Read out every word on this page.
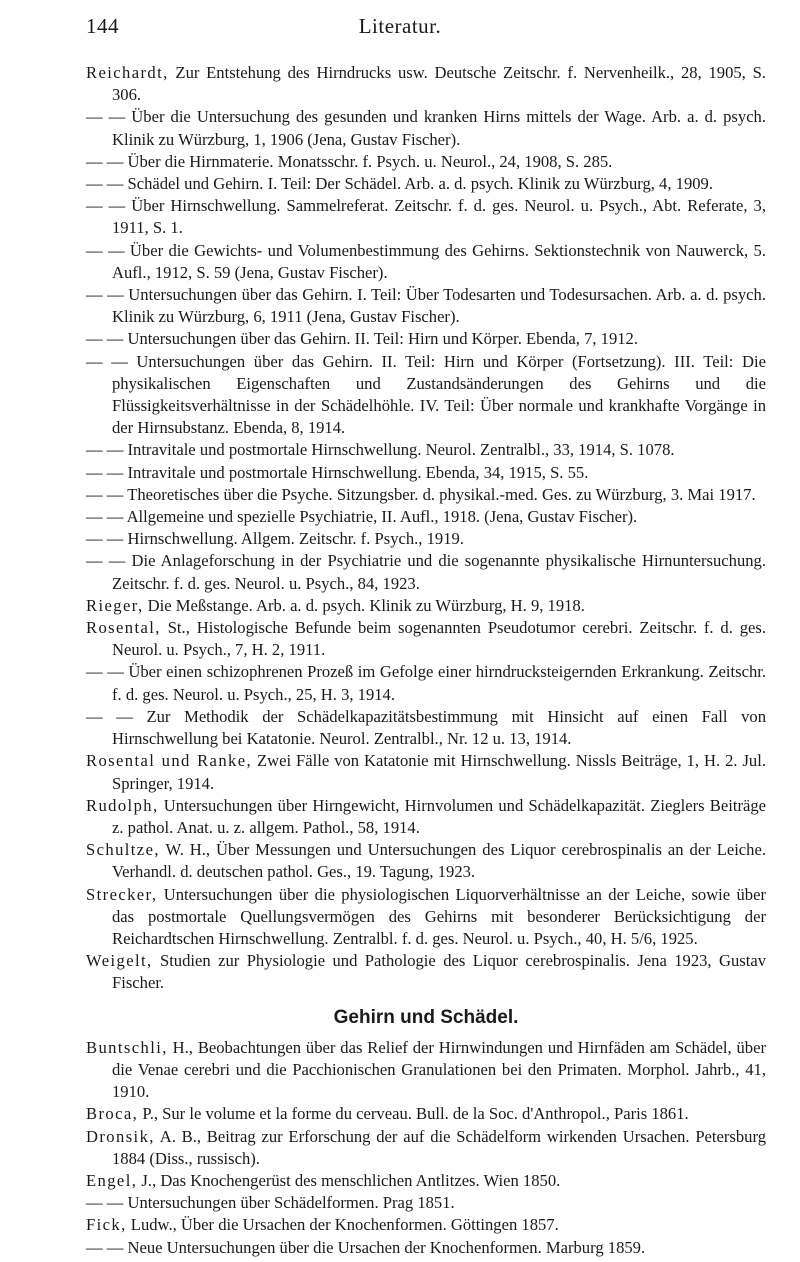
144	Literatur.

Reichardt, Zur Entstehung des Hirndrucks usw. Deutsche Zeitschr. f. Nervenheilk., 28, 1905, S. 306.

— — Über die Untersuchung des gesunden und kranken Hirns mittels der Wage. Arb. a. d. psych. Klinik zu Würzburg, 1, 1906 (Jena, Gustav Fischer).

— — Über die Hirnmaterie. Monatsschr. f. Psych. u. Neurol., 24, 1908, S. 285.

— — Schädel und Gehirn. I. Teil: Der Schädel. Arb. a. d. psych. Klinik zu Würzburg, 4, 1909.

— — Über Hirnschwellung. Sammelreferat. Zeitschr. f. d. ges. Neurol. u. Psych., Abt. Referate, 3, 1911, S. 1.

— — Über die Gewichts- und Volumenbestimmung des Gehirns. Sektionstechnik von Nauwerck, 5. Aufl., 1912, S. 59 (Jena, Gustav Fischer).

— — Untersuchungen über das Gehirn. I. Teil: Über Todesarten und Todesursachen. Arb. a. d. psych. Klinik zu Würzburg, 6, 1911 (Jena, Gustav Fischer).

— — Untersuchungen über das Gehirn. II. Teil: Hirn und Körper. Ebenda, 7, 1912.

— — Untersuchungen über das Gehirn. II. Teil: Hirn und Körper (Fortsetzung). III. Teil: Die physikalischen Eigenschaften und Zustandsänderungen des Gehirns und die Flüssigkeitsverhältnisse in der Schädelhöhle. IV. Teil: Über normale und krankhafte Vorgänge in der Hirnsubstanz. Ebenda, 8, 1914.

— — Intravitale und postmortale Hirnschwellung. Neurol. Zentralbl., 33, 1914, S. 1078.

— — Intravitale und postmortale Hirnschwellung. Ebenda, 34, 1915, S. 55.

— — Theoretisches über die Psyche. Sitzungsber. d. physikal.-med. Ges. zu Würzburg, 3. Mai 1917.

— — Allgemeine und spezielle Psychiatrie, II. Aufl., 1918. (Jena, Gustav Fischer).

— — Hirnschwellung. Allgem. Zeitschr. f. Psych., 1919.

— — Die Anlageforschung in der Psychiatrie und die sogenannte physikalische Hirnuntersuchung. Zeitschr. f. d. ges. Neurol. u. Psych., 84, 1923.

Rieger, Die Meßstange. Arb. a. d. psych. Klinik zu Würzburg, H. 9, 1918.

Rosental, St., Histologische Befunde beim sogenannten Pseudotumor cerebri. Zeitschr. f. d. ges. Neurol. u. Psych., 7, H. 2, 1911.

— — Über einen schizophrenen Prozeß im Gefolge einer hirndrucksteigernden Erkrankung. Zeitschr. f. d. ges. Neurol. u. Psych., 25, H. 3, 1914.

— — Zur Methodik der Schädelkapazitätsbestimmung mit Hinsicht auf einen Fall von Hirnschwellung bei Katatonie. Neurol. Zentralbl., Nr. 12 u. 13, 1914.

Rosental und Ranke, Zwei Fälle von Katatonie mit Hirnschwellung. Nissls Beiträge, 1, H. 2. Jul. Springer, 1914.

Rudolph, Untersuchungen über Hirngewicht, Hirnvolumen und Schädelkapazität. Zieglers Beiträge z. pathol. Anat. u. z. allgem. Pathol., 58, 1914.

Schultze, W. H., Über Messungen und Untersuchungen des Liquor cerebrospinalis an der Leiche. Verhandl. d. deutschen pathol. Ges., 19. Tagung, 1923.

Strecker, Untersuchungen über die physiologischen Liquorverhältnisse an der Leiche, sowie über das postmortale Quellungsvermögen des Gehirns mit besonderer Berücksichtigung der Reichardtschen Hirnschwellung. Zentralbl. f. d. ges. Neurol. u. Psych., 40, H. 5/6, 1925.

Weigelt, Studien zur Physiologie und Pathologie des Liquor cerebrospinalis. Jena 1923, Gustav Fischer.

Gehirn und Schädel.

Buntschli, H., Beobachtungen über das Relief der Hirnwindungen und Hirnfäden am Schädel, über die Venae cerebri und die Pacchionischen Granulationen bei den Primaten. Morphol. Jahrb., 41, 1910.

Broca, P., Sur le volume et la forme du cerveau. Bull. de la Soc. d'Anthropol., Paris 1861.

Dronsik, A. B., Beitrag zur Erforschung der auf die Schädelform wirkenden Ursachen. Petersburg 1884 (Diss., russisch).

Engel, J., Das Knochengerüst des menschlichen Antlitzes. Wien 1850.

— — Untersuchungen über Schädelformen. Prag 1851.

Fick, Ludw., Über die Ursachen der Knochenformen. Göttingen 1857.

— — Neue Untersuchungen über die Ursachen der Knochenformen. Marburg 1859.
